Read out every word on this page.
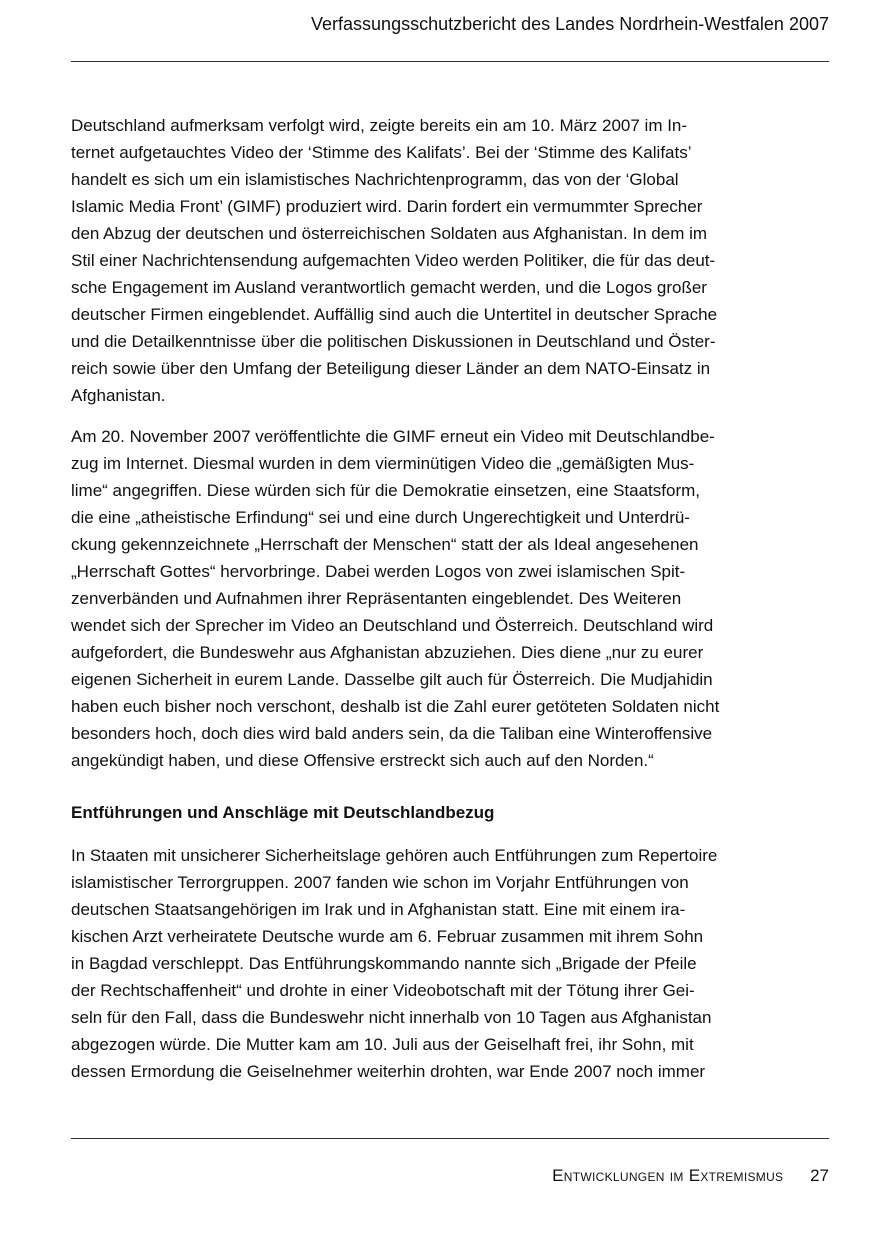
Verfassungsschutzbericht des Landes Nordrhein-Westfalen 2007

Deutschland aufmerksam verfolgt wird, zeigte bereits ein am 10. März 2007 im In-
ternet aufgetauchtes Video der ‘Stimme des Kalifats’. Bei der ‘Stimme des Kalifats’
handelt es sich um ein islamistisches Nachrichtenprogramm, das von der ‘Global
Islamic Media Front’ (GIMF) produziert wird. Darin fordert ein vermummter Sprecher
den Abzug der deutschen und österreichischen Soldaten aus Afghanistan. In dem im
Stil einer Nachrichtensendung aufgemachten Video werden Politiker, die für das deut-
sche Engagement im Ausland verantwortlich gemacht werden, und die Logos großer
deutscher Firmen eingeblendet. Auffällig sind auch die Untertitel in deutscher Sprache
und die Detailkenntnisse über die politischen Diskussionen in Deutschland und Öster-
reich sowie über den Umfang der Beteiligung dieser Länder an dem NATO-Einsatz in
Afghanistan.

Am 20. November 2007 veröffentlichte die GIMF erneut ein Video mit Deutschlandbe-
zug im Internet. Diesmal wurden in dem vierminütigen Video die „gemäßigten Mus-
lime“ angegriffen. Diese würden sich für die Demokratie einsetzen, eine Staatsform,
die eine „atheistische Erfindung“ sei und eine durch Ungerechtigkeit und Unterdrü-
ckung gekennzeichnete „Herrschaft der Menschen“ statt der als Ideal angesehenen
„Herrschaft Gottes“ hervorbringe. Dabei werden Logos von zwei islamischen Spit-
zenverbänden und Aufnahmen ihrer Repräsentanten eingeblendet. Des Weiteren
wendet sich der Sprecher im Video an Deutschland und Österreich. Deutschland wird
aufgefordert, die Bundeswehr aus Afghanistan abzuziehen. Dies diene „nur zu eurer
eigenen Sicherheit in eurem Lande. Dasselbe gilt auch für Österreich. Die Mudjahidin
haben euch bisher noch verschont, deshalb ist die Zahl eurer getöteten Soldaten nicht
besonders hoch, doch dies wird bald anders sein, da die Taliban eine Winteroffensive
angekündigt haben, und diese Offensive erstreckt sich auch auf den Norden.“

Entführungen und Anschläge mit Deutschlandbezug

In Staaten mit unsicherer Sicherheitslage gehören auch Entführungen zum Repertoire
islamistischer Terrorgruppen. 2007 fanden wie schon im Vorjahr Entführungen von
deutschen Staatsangehörigen im Irak und in Afghanistan statt. Eine mit einem ira-
kischen Arzt verheiratete Deutsche wurde am 6. Februar zusammen mit ihrem Sohn
in Bagdad verschleppt. Das Entführungskommando nannte sich „Brigade der Pfeile
der Rechtschaffenheit“ und drohte in einer Videobotschaft mit der Tötung ihrer Gei-
seln für den Fall, dass die Bundeswehr nicht innerhalb von 10 Tagen aus Afghanistan
abgezogen würde. Die Mutter kam am 10. Juli aus der Geiselhaft frei, ihr Sohn, mit
dessen Ermordung die Geiselnehmer weiterhin drohten, war Ende 2007 noch immer

Entwicklungen im Extremismus 27
